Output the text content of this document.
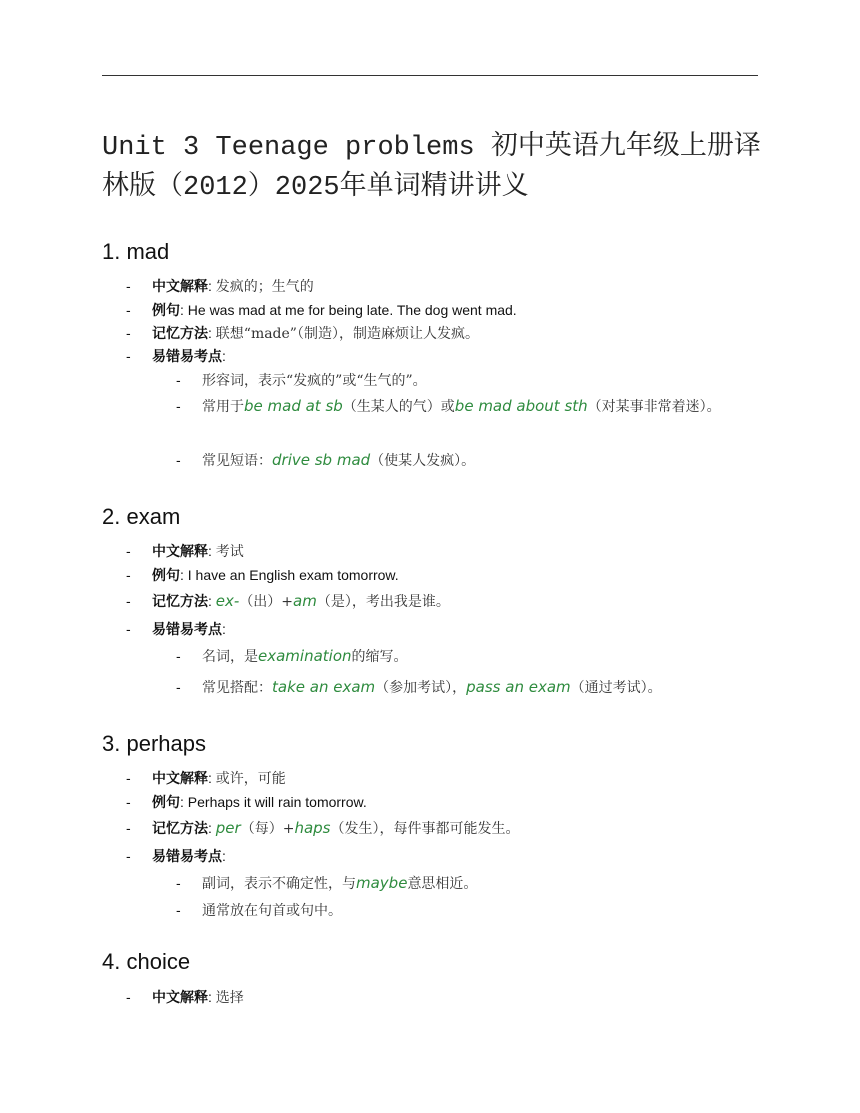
Unit 3 Teenage problems 初中英语九年级上册译林版（2012）2025年单词精讲讲义
1 . mad
中文解释: 发疯的；生气的
例句: He was mad at me for being late. The dog went mad.
记忆方法: 联想“made”（制造），制造麻烦让人发疯。
易错易考点:
- 形容词，表示“发疯的”或“生气的”。
- 常用于be mad at sb（生某人的气）或be mad about sth（对某事非常着迷）。
- 常见短语：drive sb mad（使某人发疯）。
2 . exam
中文解释: 考试
例句: I have an English exam tomorrow.
记忆方法: ex-（出）+am（是），考出我是谁。
易错易考点:
- 名词，是examination的缩写。
- 常见搭配：take an exam（参加考试），pass an exam（通过考试）。
3 . perhaps
中文解释: 或许，可能
例句: Perhaps it will rain tomorrow.
记忆方法: per（每）+haps（发生），每件事都可能发生。
易错易考点:
- 副词，表示不确定性，与maybe意思相近。
- 通常放在句首或句中。
4 . choice
中文解释: 选择
